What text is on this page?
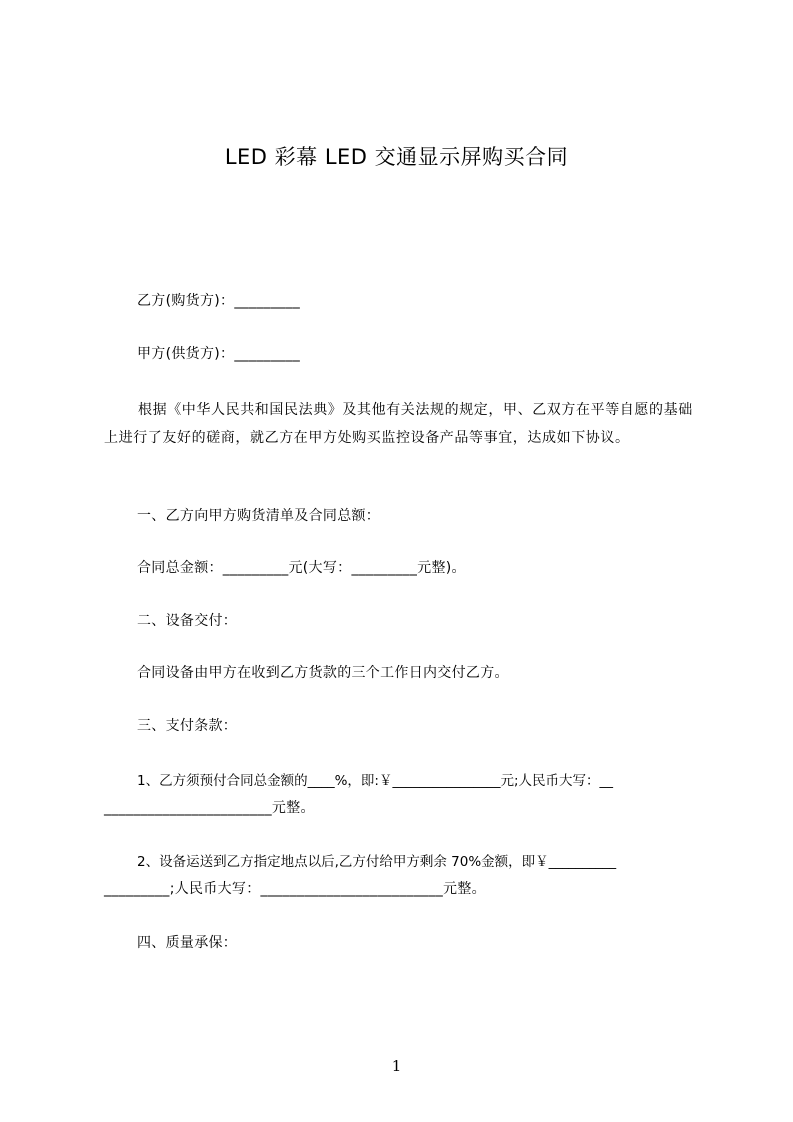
LED 彩幕 LED 交通显示屏购买合同
乙方(购货方)：_________
甲方(供货方)：_________
根据《中华人民共和国民法典》及其他有关法规的规定，甲、乙双方在平等自愿的基础上进行了友好的磋商，就乙方在甲方处购买监控设备产品等事宜，达成如下协议。
一、乙方向甲方购货清单及合同总额：
合同总金额：_________元(大写：_________元整)。
二、设备交付：
合同设备由甲方在收到乙方货款的三个工作日内交付乙方。
三、支付条款：
1、乙方须预付合同总金额的____%，即:￥________________元;人民币大写：__
_______________________元整。
2、设备运送到乙方指定地点以后,乙方付给甲方剩余 70%金额，即￥__________
_________;人民币大写：_________________________元整。
四、质量承保：
1
